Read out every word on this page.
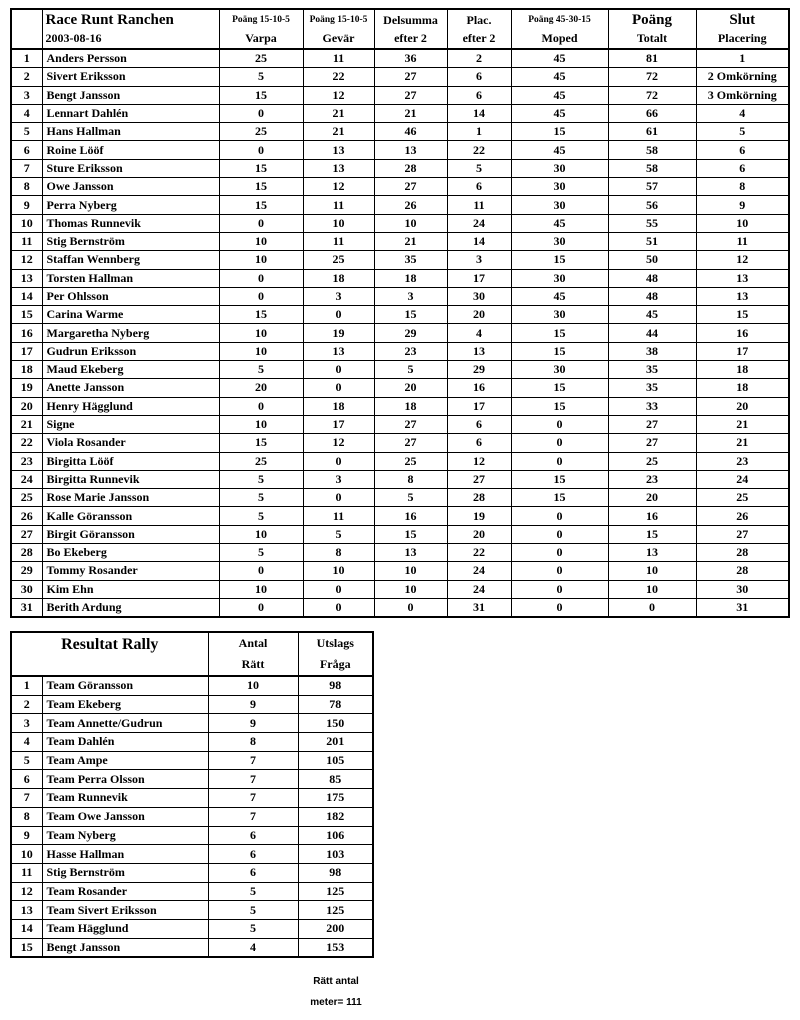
	Race Runt Ranchen	Poäng 15-10-5	Poäng 15-10-5	Delsumma	Plac.	Poäng 45-30-15	Poäng	Slut
	2003-08-16	Varpa	Gevär	efter 2	efter 2	Moped	Totalt	Placering
1	Anders Persson	25	11	36	2	45	81	1
2	Sivert Eriksson	5	22	27	6	45	72	2 Omkörning
3	Bengt Jansson	15	12	27	6	45	72	3 Omkörning
4	Lennart Dahlén	0	21	21	14	45	66	4
5	Hans Hallman	25	21	46	1	15	61	5
6	Roine Lööf	0	13	13	22	45	58	6
7	Sture Eriksson	15	13	28	5	30	58	6
8	Owe Jansson	15	12	27	6	30	57	8
9	Perra Nyberg	15	11	26	11	30	56	9
10	Thomas Runnevik	0	10	10	24	45	55	10
11	Stig Bernström	10	11	21	14	30	51	11
12	Staffan Wennberg	10	25	35	3	15	50	12
13	Torsten Hallman	0	18	18	17	30	48	13
14	Per Ohlsson	0	3	3	30	45	48	13
15	Carina Warme	15	0	15	20	30	45	15
16	Margaretha Nyberg	10	19	29	4	15	44	16
17	Gudrun Eriksson	10	13	23	13	15	38	17
18	Maud Ekeberg	5	0	5	29	30	35	18
19	Anette Jansson	20	0	20	16	15	35	18
20	Henry Hägglund	0	18	18	17	15	33	20
21	Signe	10	17	27	6	0	27	21
22	Viola Rosander	15	12	27	6	0	27	21
23	Birgitta Lööf	25	0	25	12	0	25	23
24	Birgitta Runnevik	5	3	8	27	15	23	24
25	Rose Marie Jansson	5	0	5	28	15	20	25
26	Kalle Göransson	5	11	16	19	0	16	26
27	Birgit Göransson	10	5	15	20	0	15	27
28	Bo Ekeberg	5	8	13	22	0	13	28
29	Tommy Rosander	0	10	10	24	0	10	28
30	Kim Ehn	10	0	10	24	0	10	30
31	Berith Ardung	0	0	0	31	0	0	31
Resultat Rally		Antal	Utslags
		Rätt	Fråga
1	Team Göransson	10	98
2	Team Ekeberg	9	78
3	Team Annette/Gudrun	9	150
4	Team Dahlén	8	201
5	Team Ampe	7	105
6	Team Perra Olsson	7	85
7	Team Runnevik	7	175
8	Team Owe Jansson	7	182
9	Team Nyberg	6	106
10	Hasse Hallman	6	103
11	Stig Bernström	6	98
12	Team Rosander	5	125
13	Team Sivert Eriksson	5	125
14	Team Hägglund	5	200
15	Bengt Jansson	4	153
Rätt antal
meter= 111
